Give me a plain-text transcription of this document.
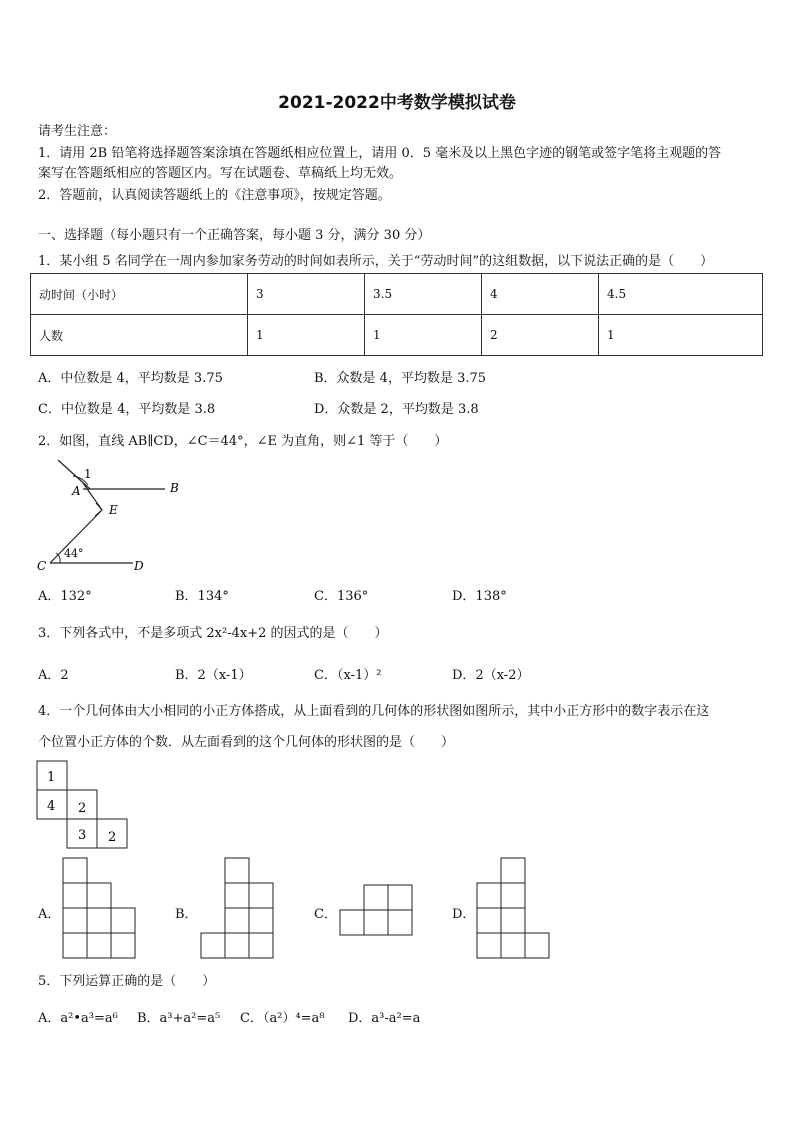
2021-2022中考数学模拟试卷
请考生注意：
1．请用 2B 铅笔将选择题答案涂填在答题纸相应位置上，请用 0．5 毫米及以上黑色字迹的钢笔或签字笔将主观题的答
案写在答题纸相应的答题区内。写在试题卷、草稿纸上均无效。
2．答题前，认真阅读答题纸上的《注意事项》，按规定答题。
一、选择题（每小题只有一个正确答案，每小题 3 分，满分 30 分）
1．某小组 5 名同学在一周内参加家务劳动的时间如表所示，关于“劳动时间”的这组数据，以下说法正确的是（　　）
动时间（小时）	3	3.5	4	4.5
人数	1	1	2	1
A．中位数是 4，平均数是 3.75	B．众数是 4，平均数是 3.75
C．中位数是 4，平均数是 3.8	D．众数是 2，平均数是 3.8
2．如图，直线 AB∥CD，∠C＝44°，∠E 为直角，则∠1 等于（　　）
1
A	B
E
C	D
44°
A．132°	B．134°	C．136°	D．138°
3．下列各式中，不是多项式 2x²-4x+2 的因式的是（　　）
A．2	B．2（x-1）	C．（x-1）²	D．2（x-2）
4．一个几何体由大小相同的小正方体搭成，从上面看到的几何体的形状图如图所示，其中小正方形中的数字表示在这
个位置小正方体的个数．从左面看到的这个几何体的形状图的是（　　）
1
4 2
3 2
A．	B．	C．	D．
5．下列运算正确的是（　　）
A．a²•a³=a⁶ B．a³+a²=a⁵ C．（a²）⁴=a⁸ D．a³-a²=a
